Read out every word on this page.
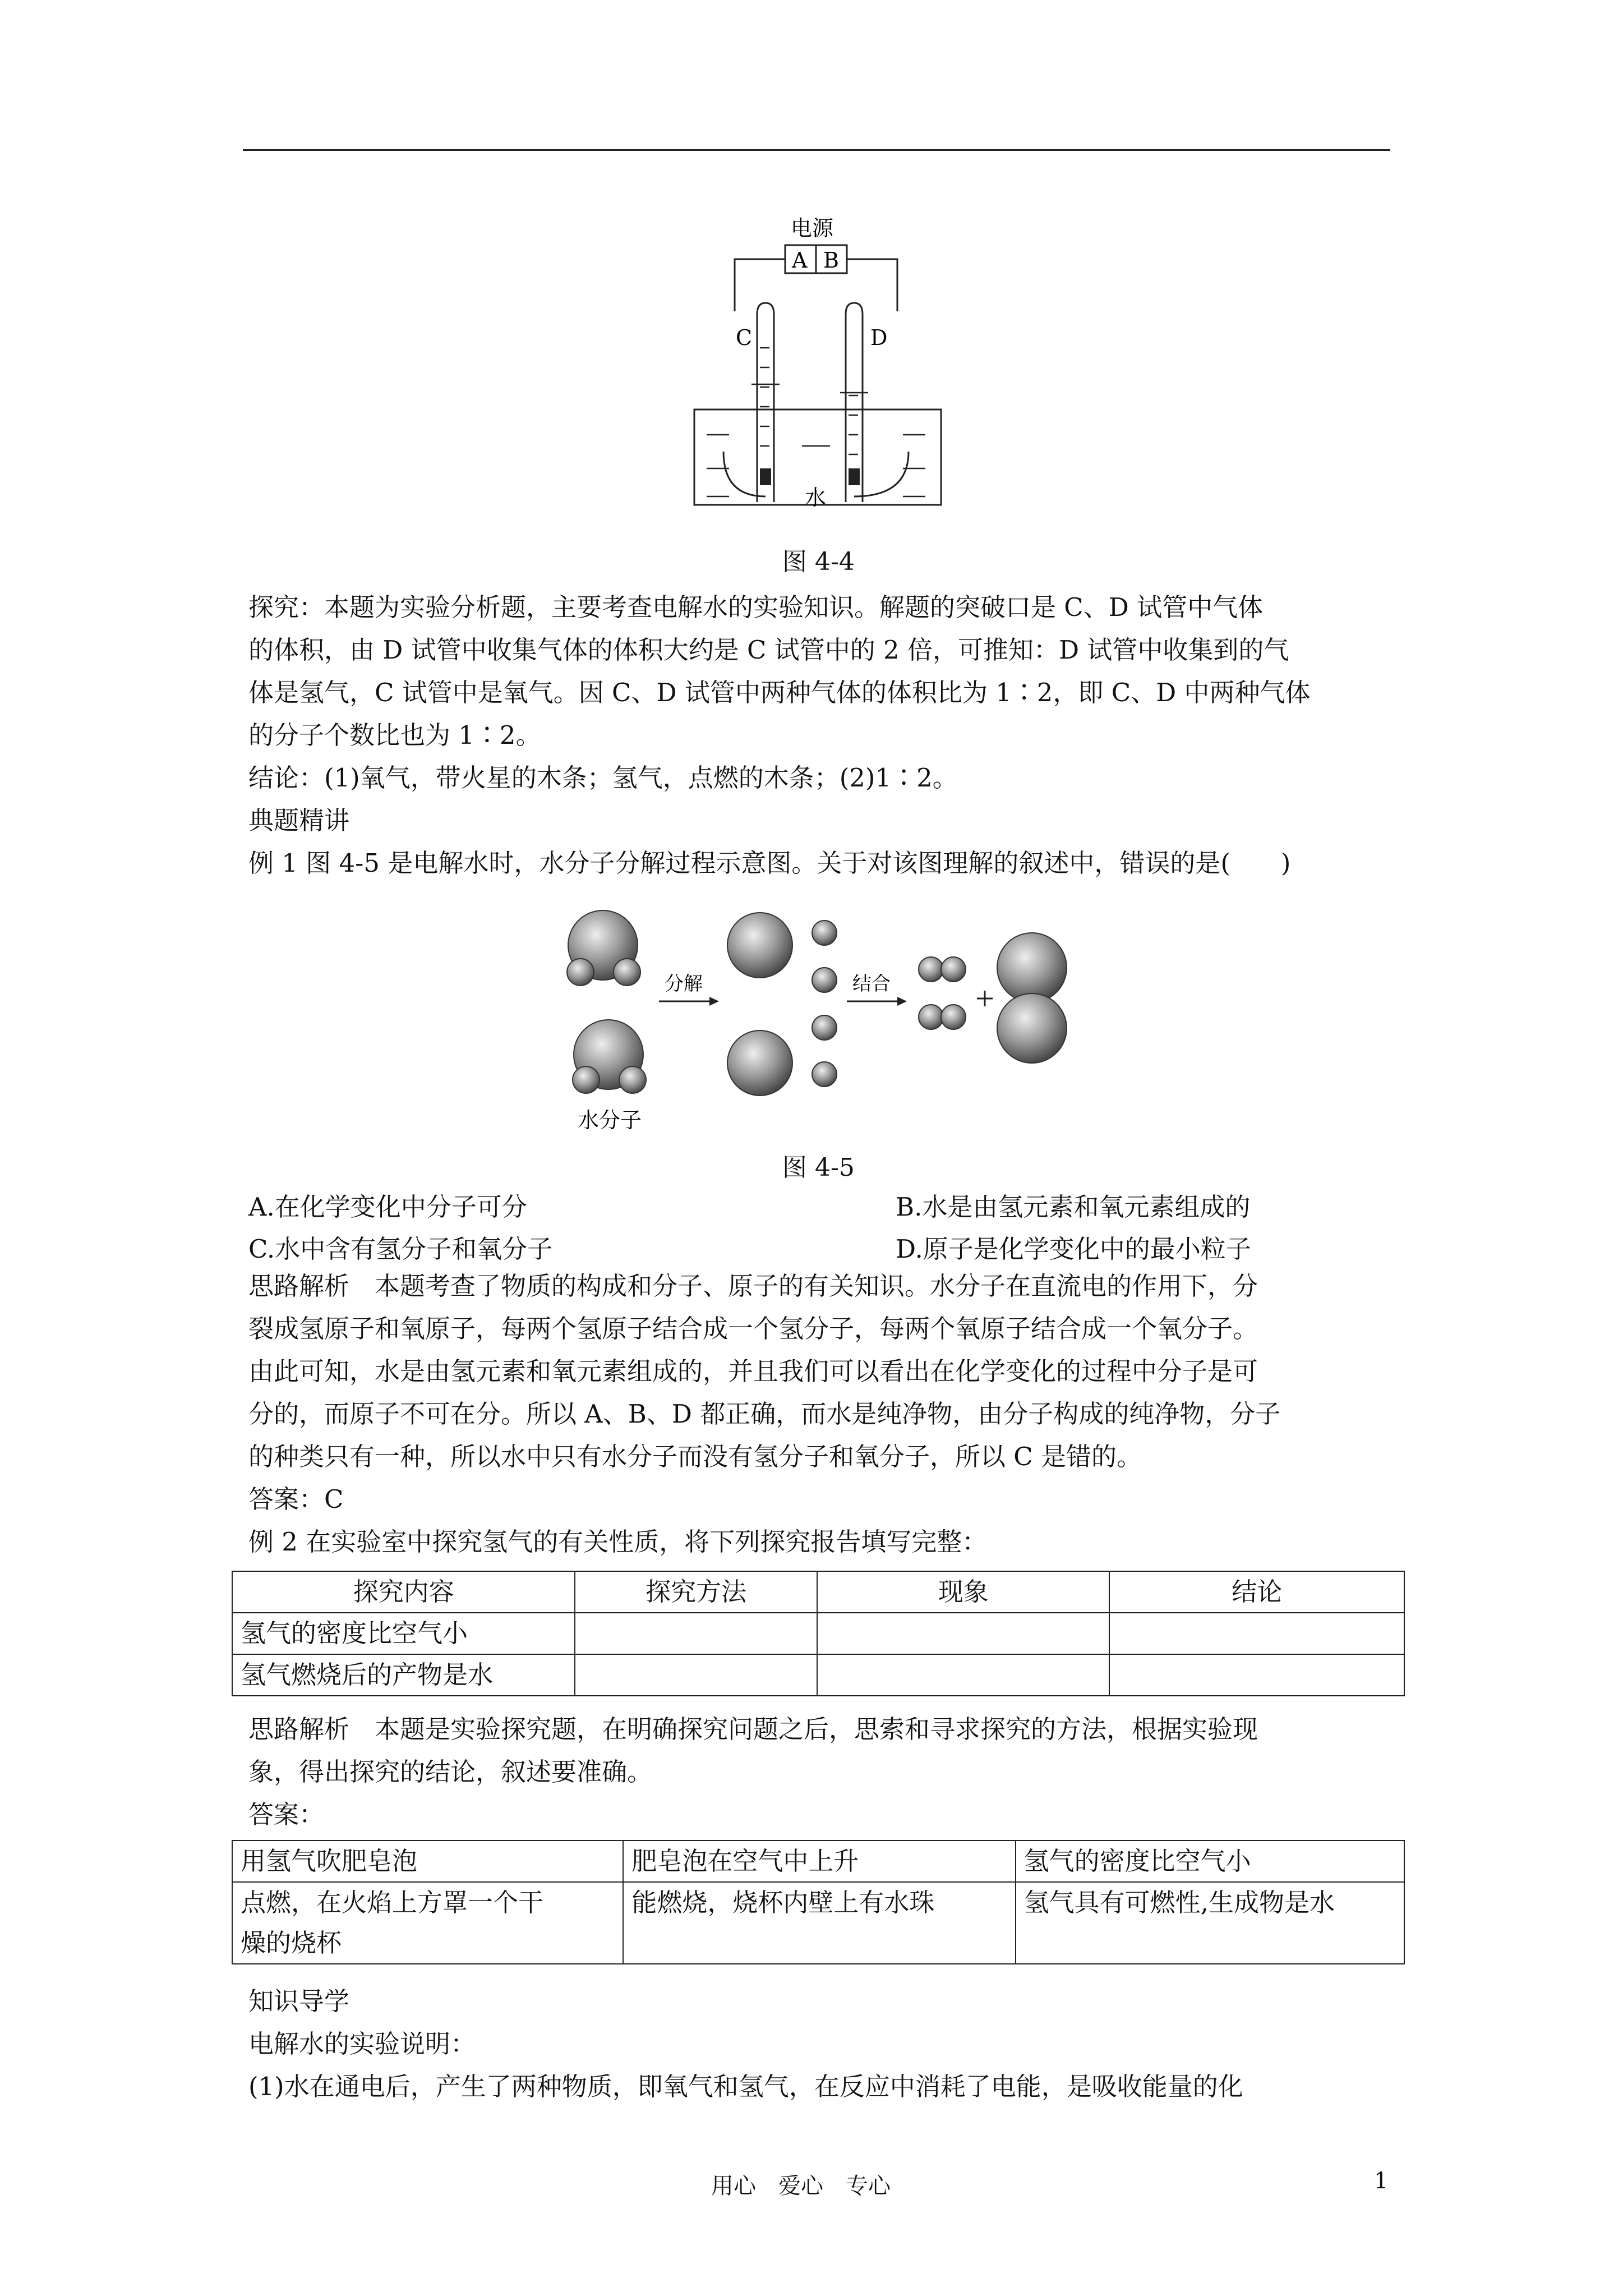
电源
A B
C	D
水
图 4-4
探究：本题为实验分析题，主要考查电解水的实验知识。解题的突破口是 C、D 试管中气体
的体积，由 D 试管中收集气体的体积大约是 C 试管中的 2 倍，可推知：D 试管中收集到的气
体是氢气，C 试管中是氧气。因 C、D 试管中两种气体的体积比为 1∶2，即 C、D 中两种气体
的分子个数比也为 1∶2。
结论：(1)氧气，带火星的木条；氢气，点燃的木条；(2)1∶2。
典题精讲
例 1 图 4-5 是电解水时，水分子分解过程示意图。关于对该图理解的叙述中，错误的是(　　)
分解	结合
水分子
图 4-5
A.在化学变化中分子可分	B.水是由氢元素和氧元素组成的
C.水中含有氢分子和氧分子	D.原子是化学变化中的最小粒子
思路解析　本题考查了物质的构成和分子、原子的有关知识。水分子在直流电的作用下，分
裂成氢原子和氧原子，每两个氢原子结合成一个氢分子，每两个氧原子结合成一个氧分子。
由此可知，水是由氢元素和氧元素组成的，并且我们可以看出在化学变化的过程中分子是可
分的，而原子不可在分。所以 A、B、D 都正确，而水是纯净物，由分子构成的纯净物，分子
的种类只有一种，所以水中只有水分子而没有氢分子和氧分子，所以 C 是错的。
答案：C
例 2 在实验室中探究氢气的有关性质，将下列探究报告填写完整：
探究内容	探究方法	现象	结论
氢气的密度比空气小			
氢气燃烧后的产物是水			
思路解析　本题是实验探究题，在明确探究问题之后，思索和寻求探究的方法，根据实验现
象，得出探究的结论，叙述要准确。
答案：
用氢气吹肥皂泡	肥皂泡在空气中上升	氢气的密度比空气小

点燃，在火焰上方罩一个干
燥的烧杯	能燃烧，烧杯内壁上有水珠	氢气具有可燃性,生成物是水
知识导学
电解水的实验说明：
(1)水在通电后，产生了两种物质，即氧气和氢气，在反应中消耗了电能，是吸收能量的化
用心　爱心　专心	1
